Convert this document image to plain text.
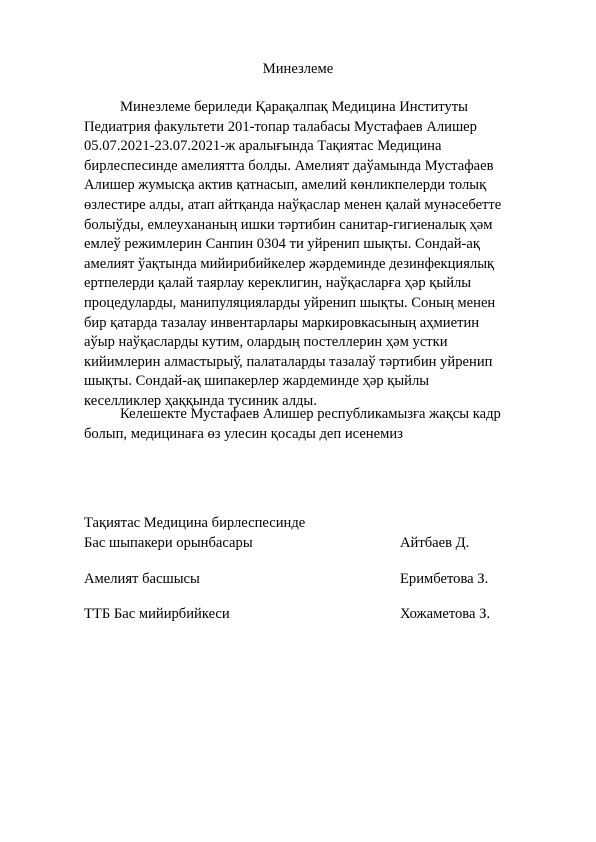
Минезлеме

Минезлеме бериледи Қарақалпақ Медицина Институты
Педиатрия факультети 201-топар талабасы Мустафаев Алишер
05.07.2021-23.07.2021-ж аралығында Тақиятас Медицина
бирлеспесинде амелиятта болды. Амелият даўамында Мустафаев
Алишер жумысқа актив қатнасып, амелий көнликпелерди толық
өзлестире алды, атап айтқанда наўқаслар менен қалай мунәсебетте
болыўды, емлеухананың ишки тәртибин санитар-гигиеналық ҳәм
емлеў режимлерин Санпин 0304 ти уйренип шықты. Сондай-ақ
амелият ўақтында мийирибийкелер жәрдеминде дезинфекциялық
ертпелерди қалай таярлау кереклигин, наўқасларға ҳәр қыйлы
процедуларды, манипуляцияларды уйренип шықты. Соның менен
бир қатарда тазалау инвентарлары маркировкасының аҳмиетин
аўыр наўқасларды кутим, олардың постеллерин ҳәм устки
кийимлерин алмастырыў, палаталарды тазалаў тәртибин уйренип
шықты. Сондай-ақ шипакерлер жардеминде ҳәр қыйлы
кеселликлер ҳаққында тусиник алды.

Келешекте Мустафаев Алишер республикамызға жақсы кадр
болып, медицинаға өз улесин қосады деп исенемиз

Тақиятас Медицина бирлеспесинде
Бас шыпакери орынбасары	Айтбаев Д.
Амелият басшысы	Еримбетова З.
ТТБ Бас мийирбийкеси	Хожаметова З.
